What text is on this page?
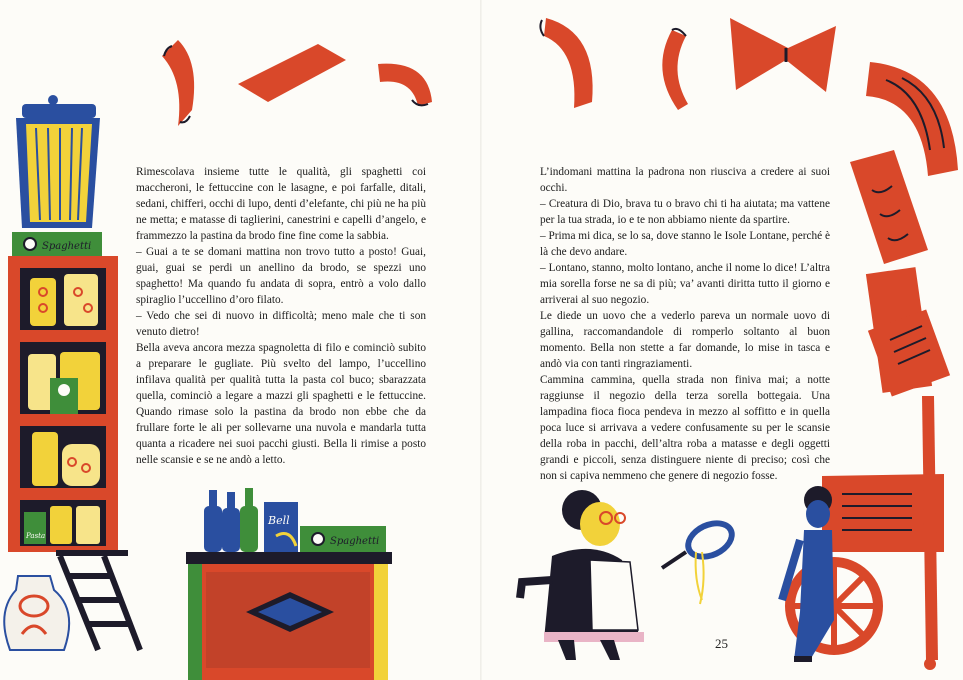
Spaghetti
Pasta
Bell
Spaghetti

Rimescolava insieme tutte le qualità, gli spaghetti coi maccheroni, le fettuccine con le lasagne, e poi farfalle, ditali, sedani, chifferi, occhi di lupo, denti d’elefante, chi più ne ha più ne metta; e matasse di taglierini, canestrini e capelli d’angelo, e frammezzo la pastina da brodo fine fine come la sabbia.

– Guai a te se domani mattina non trovo tutto a posto! Guai, guai, guai se perdi un anellino da brodo, se spezzi uno spaghetto! Ma quando fu andata di sopra, entrò a volo dallo spiraglio l’uccellino d’oro filato.

– Vedo che sei di nuovo in difficoltà; meno male che ti son venuto dietro!

Bella aveva ancora mezza spagnoletta di filo e cominciò subito a preparare le gugliate. Più svelto del lampo, l’uccellino infilava qualità per qualità tutta la pasta col buco; sbarazzata quella, cominciò a legare a mazzi gli spaghetti e le fettuccine. Quando rimase solo la pastina da brodo non ebbe che da frullare forte le ali per sollevarne una nuvola e mandarla tutta quanta a ricadere nei suoi pacchi giusti. Bella li rimise a posto nelle scansie e se ne andò a letto.

L’indomani mattina la padrona non riusciva a credere ai suoi occhi.

– Creatura di Dio, brava tu o bravo chi ti ha aiutata; ma vattene per la tua strada, io e te non abbiamo niente da spartire.

– Prima mi dica, se lo sa, dove stanno le Isole Lontane, perché è là che devo andare.

– Lontano, stanno, molto lontano, anche il nome lo dice! L’altra mia sorella forse ne sa di più; va’ avanti diritta tutto il giorno e arriverai al suo negozio.

Le diede un uovo che a vederlo pareva un normale uovo di gallina, raccomandandole di romperlo soltanto al buon momento. Bella non stette a far domande, lo mise in tasca e andò via con tanti ringraziamenti.

Cammina cammina, quella strada non finiva mai; a notte raggiunse il negozio della terza sorella bottegaia. Una lampadina fioca fioca pendeva in mezzo al soffitto e in quella poca luce si arrivava a vedere confusamente su per le scansie della roba in pacchi, dell’altra roba a matasse e degli oggetti grandi e piccoli, senza distinguere niente di preciso; così che non si capiva nemmeno che genere di negozio fosse.

25
